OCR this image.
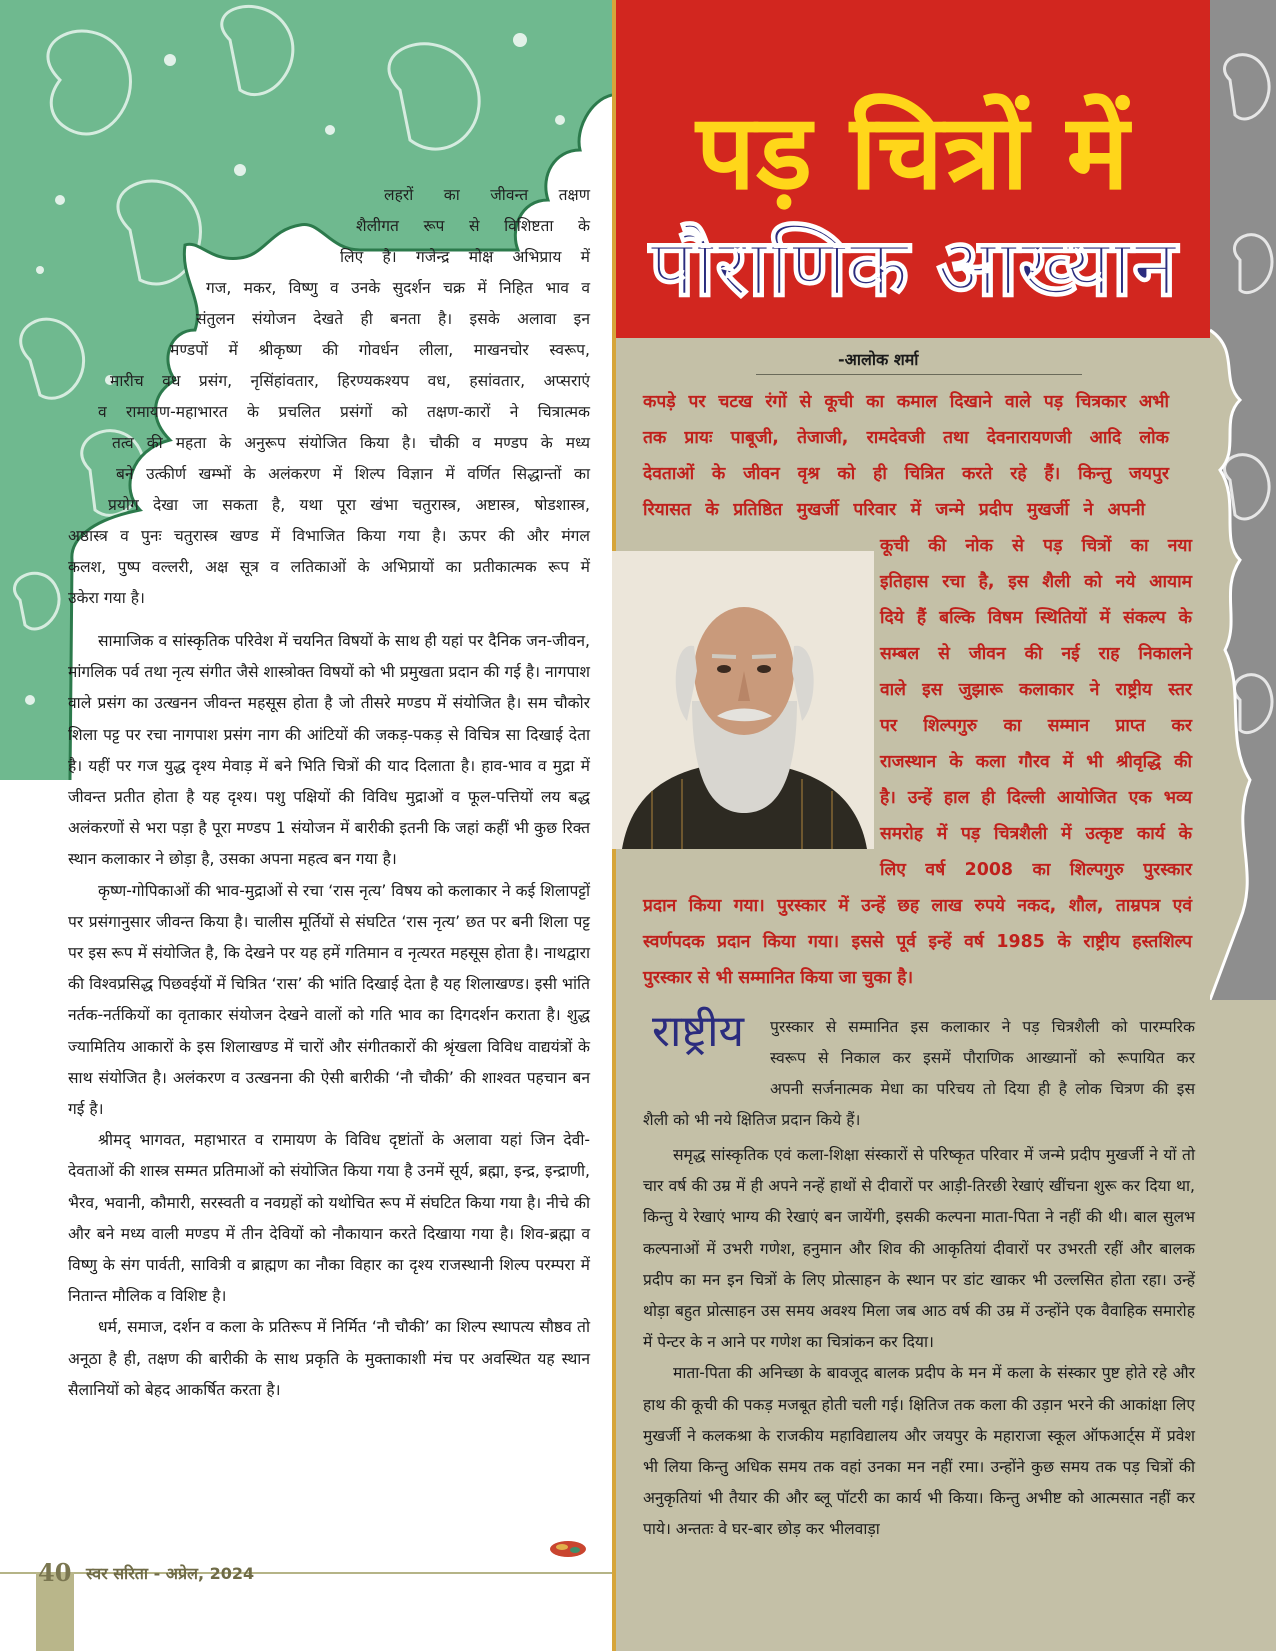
लहरों का जीवन्त तक्षण
शैलीगत रूप से विशिष्टता के
लिए है। गजेन्द्र मोक्ष अभिप्राय में
गज, मकर, विष्णु व उनके सुदर्शन चक्र में निहित भाव व
संतुलन संयोजन देखते ही बनता है। इसके अलावा इन
मण्डपों में श्रीकृष्ण की गोवर्धन लीला, माखनचोर स्वरूप,
मारीच वध प्रसंग, नृसिंहांवतार, हिरण्यकश्यप वध, हसांवतार, अप्सराएं
व रामायण-महाभारत के प्रचलित प्रसंगों को तक्षण-कारों ने चित्रात्मक
तत्व की महता के अनुरूप संयोजित किया है। चौकी व मण्डप के मध्य
बने उत्कीर्ण खम्भों के अलंकरण में शिल्प विज्ञान में वर्णित सिद्धान्तों का
प्रयोग देखा जा सकता है, यथा पूरा खंभा चतुरास्त्र, अष्टास्त्र, षोडशास्त्र,
अष्ठास्त्र व पुनः चतुरास्त्र खण्ड में विभाजित किया गया है। ऊपर की और मंगल
कलश, पुष्प वल्लरी, अक्ष सूत्र व लतिकाओं के अभिप्रायों का प्रतीकात्मक रूप में
उकेरा गया है।

सामाजिक व सांस्कृतिक परिवेश में चयनित विषयों के साथ ही यहां पर दैनिक जन-जीवन, मांगलिक पर्व तथा नृत्य संगीत जैसे शास्त्रोक्त विषयों को भी प्रमुखता प्रदान की गई है। नागपाश वाले प्रसंग का उत्खनन जीवन्त महसूस होता है जो तीसरे मण्डप में संयोजित है। सम चौकोर शिला पट्ट पर रचा नागपाश प्रसंग नाग की आंटियों की जकड़-पकड़ से विचित्र सा दिखाई देता है। यहीं पर गज युद्ध दृश्य मेवाड़ में बने भिति चित्रों की याद दिलाता है। हाव-भाव व मुद्रा में जीवन्त प्रतीत होता है यह दृश्य। पशु पक्षियों की विविध मुद्राओं व फूल-पत्तियों लय बद्ध अलंकरणों से भरा पड़ा है पूरा मण्डप 1 संयोजन में बारीकी इतनी कि जहां कहीं भी कुछ रिक्त स्थान कलाकार ने छोड़ा है, उसका अपना महत्व बन गया है।

कृष्ण-गोपिकाओं की भाव-मुद्राओं से रचा ‘रास नृत्य’ विषय को कलाकार ने कई शिलापट्टों पर प्रसंगानुसार जीवन्त किया है। चालीस मूर्तियों से संघटित ‘रास नृत्य’ छत पर बनी शिला पट्ट पर इस रूप में संयोजित है, कि देखने पर यह हमें गतिमान व नृत्यरत महसूस होता है। नाथद्वारा की विश्वप्रसिद्ध पिछवईयों में चित्रित ‘रास’ की भांति दिखाई देता है यह शिलाखण्ड। इसी भांति नर्तक-नर्तकियों का वृताकार संयोजन देखने वालों को गति भाव का दिगदर्शन कराता है। शुद्ध ज्यामितिय आकारों के इस शिलाखण्ड में चारों और संगीतकारों की श्रृंखला विविध वाद्ययंत्रों के साथ संयोजित है। अलंकरण व उत्खनना की ऐसी बारीकी ‘नौ चौकी’ की शाश्वत पहचान बन गई है।

श्रीमद् भागवत, महाभारत व रामायण के विविध दृष्टांतों के अलावा यहां जिन देवी-देवताओं की शास्त्र सम्मत प्रतिमाओं को संयोजित किया गया है उनमें सूर्य, ब्रह्मा, इन्द्र, इन्द्राणी, भैरव, भवानी, कौमारी, सरस्वती व नवग्रहों को यथोचित रूप में संघटित किया गया है। नीचे की और बने मध्य वाली मण्डप में तीन देवियों को नौकायान करते दिखाया गया है। शिव-ब्रह्मा व विष्णु के संग पार्वती, सावित्री व ब्राह्मण का नौका विहार का दृश्य राजस्थानी शिल्प परम्परा में नितान्त मौलिक व विशिष्ट है।

धर्म, समाज, दर्शन व कला के प्रतिरूप में निर्मित ‘नौ चौकी’ का शिल्प स्थापत्य सौष्ठव तो अनूठा है ही, तक्षण की बारीकी के साथ प्रकृति के मुक्ताकाशी मंच पर अवस्थित यह स्थान सैलानियों को बेहद आकर्षित करता है।

40 स्वर सरिता - अप्रेल, 2024
पड़ चित्रों में
पौराणिक आख्यान
-आलोक शर्मा
कपड़े पर चटख रंगों से कूची का कमाल दिखाने वाले पड़ चित्रकार अभी
तक प्रायः पाबूजी, तेजाजी, रामदेवजी तथा देवनारायणजी आदि लोक
देवताओं के जीवन वृश्र को ही चित्रित करते रहे हैं। किन्तु जयपुर
रियासत के प्रतिष्ठित मुखर्जी परिवार में जन्मे प्रदीप मुखर्जी ने अपनी
कूची की नोक से पड़ चित्रों का नया
इतिहास रचा है, इस शैली को नये आयाम
दिये हैं बल्कि विषम स्थितियों में संकल्प के
सम्बल से जीवन की नई राह निकालने
वाले इस जुझारू कलाकार ने राष्ट्रीय स्तर
पर शिल्पगुरु का सम्मान प्राप्त कर
राजस्थान के कला गौरव में भी श्रीवृद्धि की
है। उन्हें हाल ही दिल्ली आयोजित एक भव्य
समरोह में पड़ चित्रशैली में उत्कृष्ट कार्य के
लिए वर्ष 2008 का शिल्पगुरु पुरस्कार
प्रदान किया गया। पुरस्कार में उन्हें छह लाख रुपये नकद, शौल, ताम्रपत्र एवं
स्वर्णपदक प्रदान किया गया। इससे पूर्व इन्हें वर्ष 1985 के राष्ट्रीय हस्तशिल्प
पुरस्कार से भी सम्मानित किया जा चुका है।
राष्ट्रीय पुरस्कार से सम्मानित इस कलाकार ने पड़ चित्रशैली को पारम्परिक
स्वरूप से निकाल कर इसमें पौराणिक आख्यानों को रूपायित कर
अपनी सर्जनात्मक मेधा का परिचय तो दिया ही है लोक चित्रण की इस
शैली को भी नये क्षितिज प्रदान किये हैं।

समृद्ध सांस्कृतिक एवं कला-शिक्षा संस्कारों से परिष्कृत परिवार में जन्मे प्रदीप मुखर्जी ने यों तो चार वर्ष की उम्र में ही अपने नन्हें हाथों से दीवारों पर आड़ी-तिरछी रेखाएं खींचना शुरू कर दिया था, किन्तु ये रेखाएं भाग्य की रेखाएं बन जायेंगी, इसकी कल्पना माता-पिता ने नहीं की थी। बाल सुलभ कल्पनाओं में उभरी गणेश, हनुमान और शिव की आकृतियां दीवारों पर उभरती रहीं और बालक प्रदीप का मन इन चित्रों के लिए प्रोत्साहन के स्थान पर डांट खाकर भी उल्लसित होता रहा। उन्हें थोड़ा बहुत प्रोत्साहन उस समय अवश्य मिला जब आठ वर्ष की उम्र में उन्होंने एक वैवाहिक समारोह में पेन्टर के न आने पर गणेश का चित्रांकन कर दिया।

माता-पिता की अनिच्छा के बावजूद बालक प्रदीप के मन में कला के संस्कार पुष्ट होते रहे और हाथ की कूची की पकड़ मजबूत होती चली गई। क्षितिज तक कला की उड़ान भरने की आकांक्षा लिए मुखर्जी ने कलकश्रा के राजकीय महाविद्यालय और जयपुर के महाराजा स्कूल ऑफआर्ट्स में प्रवेश भी लिया किन्तु अधिक समय तक वहां उनका मन नहीं रमा। उन्होंने कुछ समय तक पड़ चित्रों की अनुकृतियां भी तैयार की और ब्लू पॉटरी का कार्य भी किया। किन्तु अभीष्ट को आत्मसात नहीं कर पाये। अन्ततः वे घर-बार छोड़ कर भीलवाड़ा
